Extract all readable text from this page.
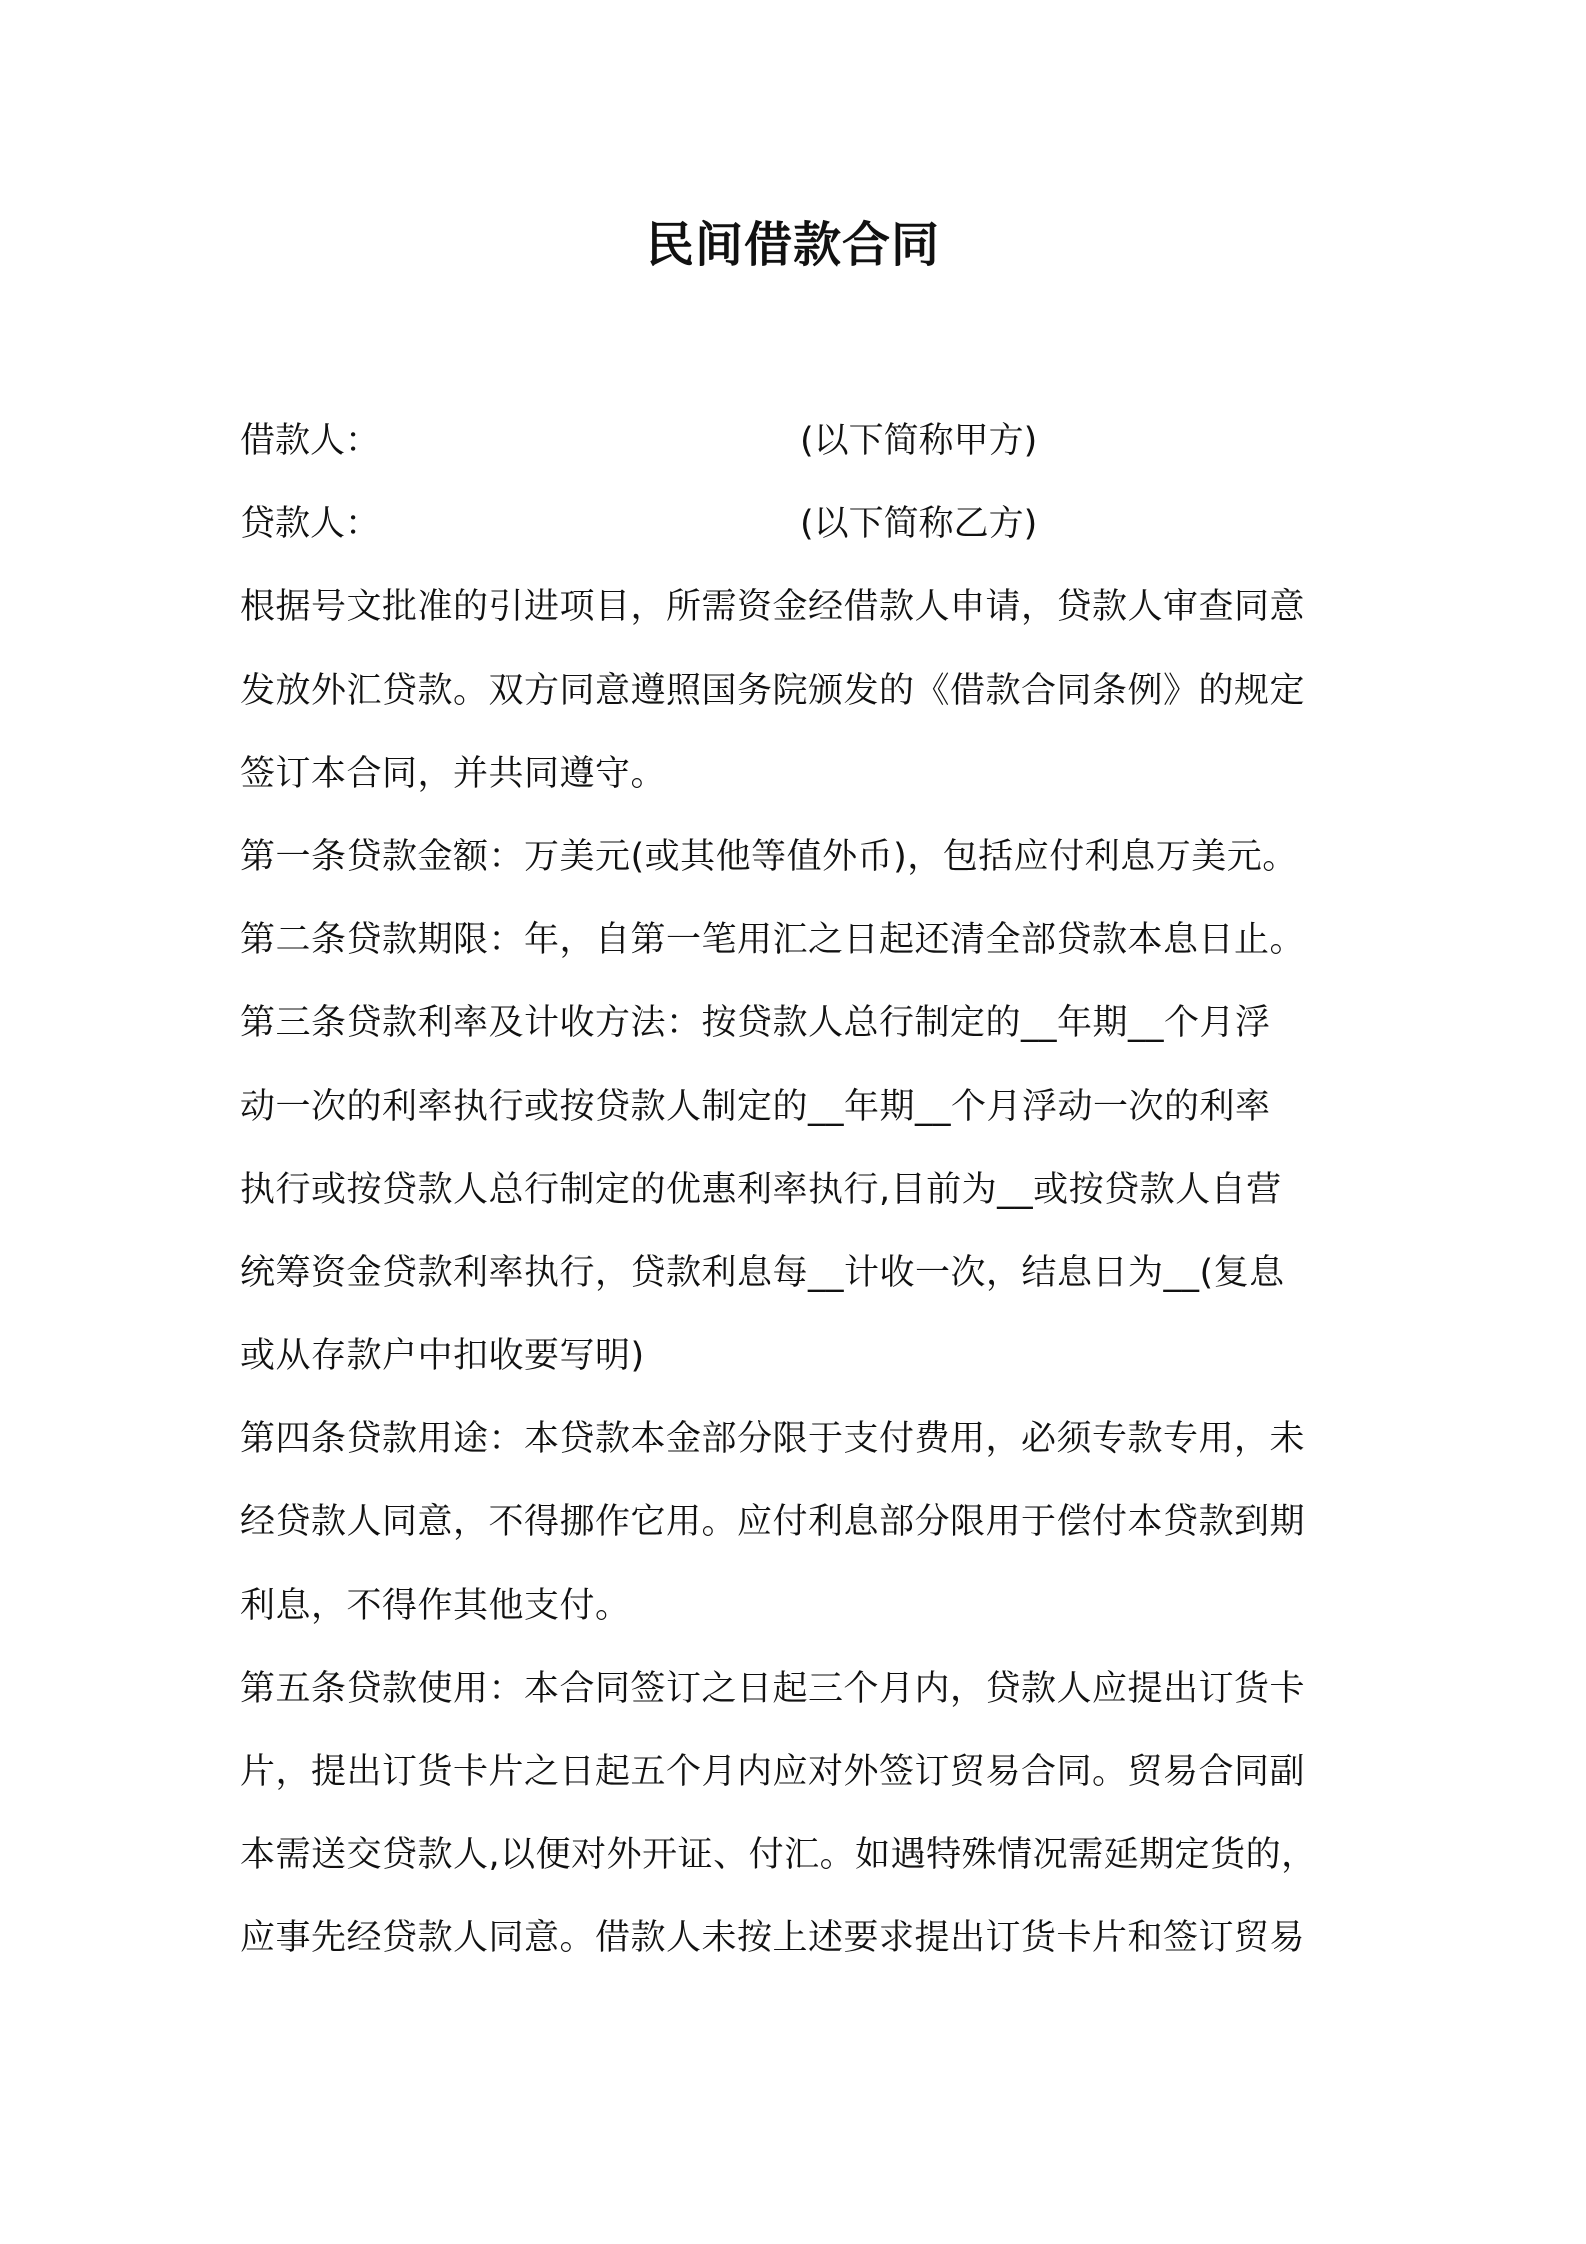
民间借款合同
借款人：	(以下简称甲方)
贷款人：	(以下简称乙方)
根据号文批准的引进项目，所需资金经借款人申请，贷款人审查同意
发放外汇贷款。双方同意遵照国务院颁发的《借款合同条例》的规定
签订本合同，并共同遵守。
第一条贷款金额：万美元(或其他等值外币)，包括应付利息万美元。
第二条贷款期限：年，自第一笔用汇之日起还清全部贷款本息日止。
第三条贷款利率及计收方法：按贷款人总行制定的__年期__个月浮
动一次的利率执行或按贷款人制定的__年期__个月浮动一次的利率
执行或按贷款人总行制定的优惠利率执行,目前为__或按贷款人自营
统筹资金贷款利率执行，贷款利息每__计收一次，结息日为__(复息
或从存款户中扣收要写明)
第四条贷款用途：本贷款本金部分限于支付费用，必须专款专用，未
经贷款人同意，不得挪作它用。应付利息部分限用于偿付本贷款到期
利息，不得作其他支付。
第五条贷款使用：本合同签订之日起三个月内，贷款人应提出订货卡
片，提出订货卡片之日起五个月内应对外签订贸易合同。贸易合同副
本需送交贷款人,以便对外开证、付汇。如遇特殊情况需延期定货的，
应事先经贷款人同意。借款人未按上述要求提出订货卡片和签订贸易
